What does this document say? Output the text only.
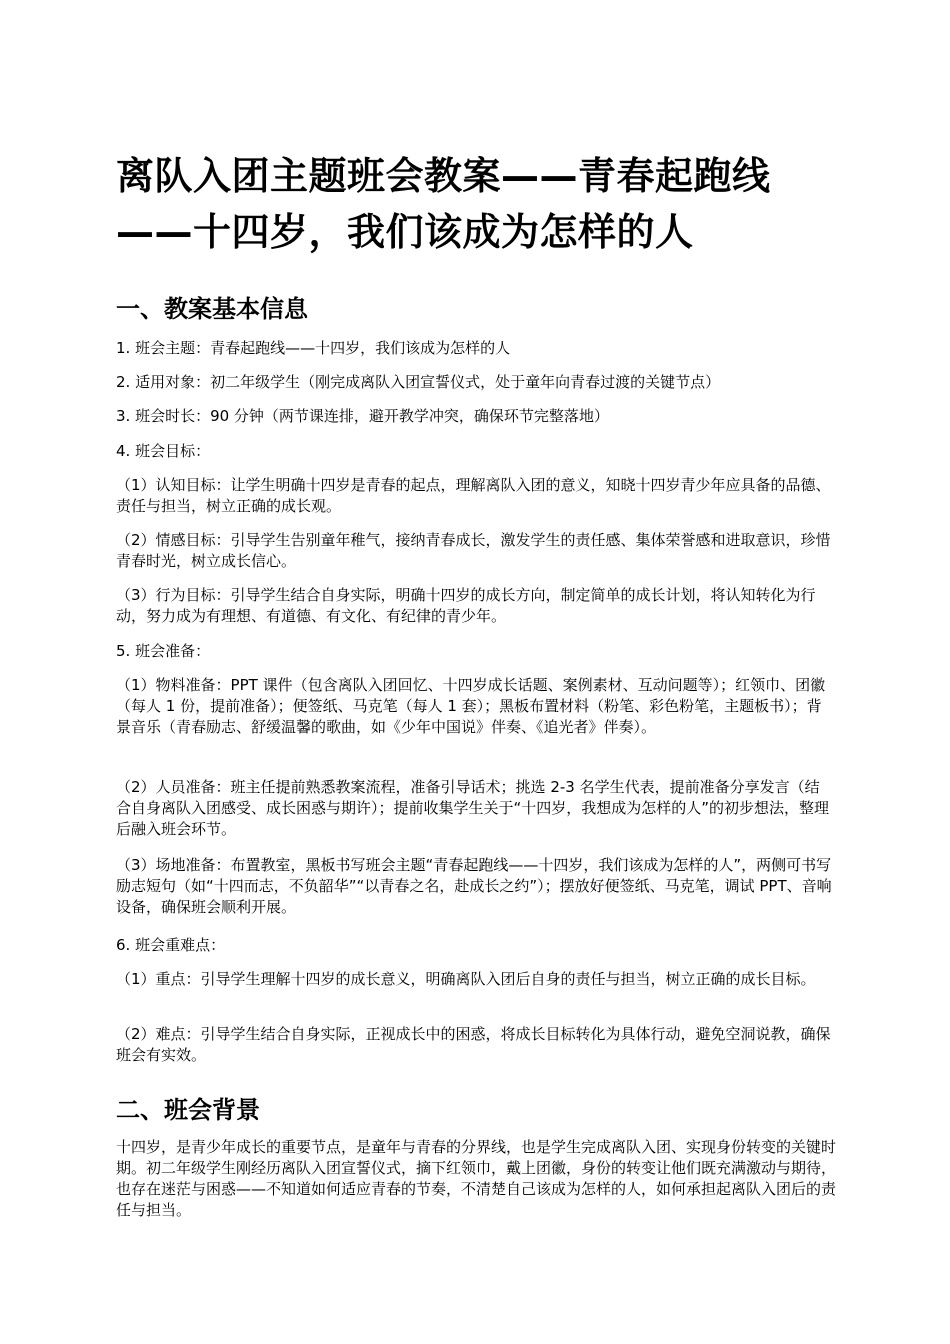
离队入团主题班会教案——青春起跑线——十四岁，我们该成为怎样的人
一、教案基本信息
1. 班会主题：青春起跑线——十四岁，我们该成为怎样的人
2. 适用对象：初二年级学生（刚完成离队入团宣誓仪式，处于童年向青春过渡的关键节点）
3. 班会时长：90 分钟（两节课连排，避开教学冲突，确保环节完整落地）
4. 班会目标：
（1）认知目标：让学生明确十四岁是青春的起点，理解离队入团的意义，知晓十四岁青少年应具备的品德、责任与担当，树立正确的成长观。
（2）情感目标：引导学生告别童年稚气，接纳青春成长，激发学生的责任感、集体荣誉感和进取意识，珍惜青春时光，树立成长信心。
（3）行为目标：引导学生结合自身实际，明确十四岁的成长方向，制定简单的成长计划，将认知转化为行动，努力成为有理想、有道德、有文化、有纪律的青少年。
5. 班会准备：
（1）物料准备：PPT 课件（包含离队入团回忆、十四岁成长话题、案例素材、互动问题等）；红领巾、团徽（每人 1 份，提前准备）；便签纸、马克笔（每人 1 套）；黑板布置材料（粉笔、彩色粉笔，主题板书）；背景音乐（青春励志、舒缓温馨的歌曲，如《少年中国说》伴奏、《追光者》伴奏）。
（2）人员准备：班主任提前熟悉教案流程，准备引导话术；挑选 2-3 名学生代表，提前准备分享发言（结合自身离队入团感受、成长困惑与期许）；提前收集学生关于“十四岁，我想成为怎样的人”的初步想法，整理后融入班会环节。
（3）场地准备：布置教室，黑板书写班会主题“青春起跑线——十四岁，我们该成为怎样的人”，两侧可书写励志短句（如“十四而志，不负韶华”“以青春之名，赴成长之约”）；摆放好便签纸、马克笔，调试 PPT、音响设备，确保班会顺利开展。
6. 班会重难点：
（1）重点：引导学生理解十四岁的成长意义，明确离队入团后自身的责任与担当，树立正确的成长目标。
（2）难点：引导学生结合自身实际，正视成长中的困惑，将成长目标转化为具体行动，避免空洞说教，确保班会有实效。
二、班会背景
十四岁，是青少年成长的重要节点，是童年与青春的分界线，也是学生完成离队入团、实现身份转变的关键时期。初二年级学生刚经历离队入团宣誓仪式，摘下红领巾，戴上团徽，身份的转变让他们既充满激动与期待，也存在迷茫与困惑——不知道如何适应青春的节奏，不清楚自己该成为怎样的人，如何承担起离队入团后的责任与担当。
